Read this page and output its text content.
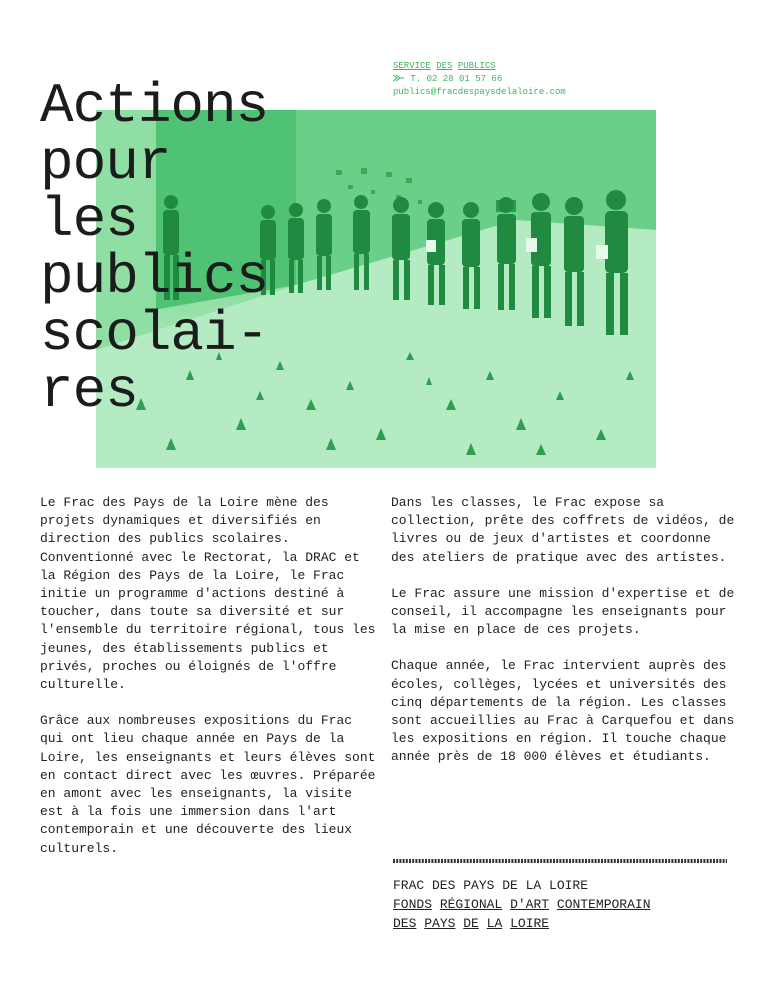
SERVICE DES PUBLICS
T. 02 28 01 57 66
publics@fracdespaysdelaloire.com
Actions
pour
les
publics
scolai-
res

Le Frac des Pays de la Loire mène des projets dynamiques et diversifiés en direction des publics scolaires. Conventionné avec le Rectorat, la DRAC et la Région des Pays de la Loire, le Frac initie un programme d'actions destiné à toucher, dans toute sa diversité et sur l'ensemble du territoire régional, tous les jeunes, des établissements publics et privés, proches ou éloignés de l'offre culturelle.

Grâce aux nombreuses expositions du Frac qui ont lieu chaque année en Pays de la Loire, les enseignants et leurs élèves sont en contact direct avec les œuvres. Préparée en amont avec les enseignants, la visite est à la fois une immersion dans l'art contemporain et une découverte des lieux culturels.

Dans les classes, le Frac expose sa collection, prête des coffrets de vidéos, de livres ou de jeux d'artistes et coordonne des ateliers de pratique avec des artistes.

Le Frac assure une mission d'expertise et de conseil, il accompagne les enseignants pour la mise en place de ces projets.

Chaque année, le Frac intervient auprès des écoles, collèges, lycées et universités des cinq départements de la région. Les classes sont accueillies au Frac à Carquefou et dans les expositions en région. Il touche chaque année près de 18 000 élèves et étudiants.

FRAC DES PAYS DE LA LOIRE
FONDS RÉGIONAL D'ART CONTEMPORAIN
DES PAYS DE LA LOIRE
